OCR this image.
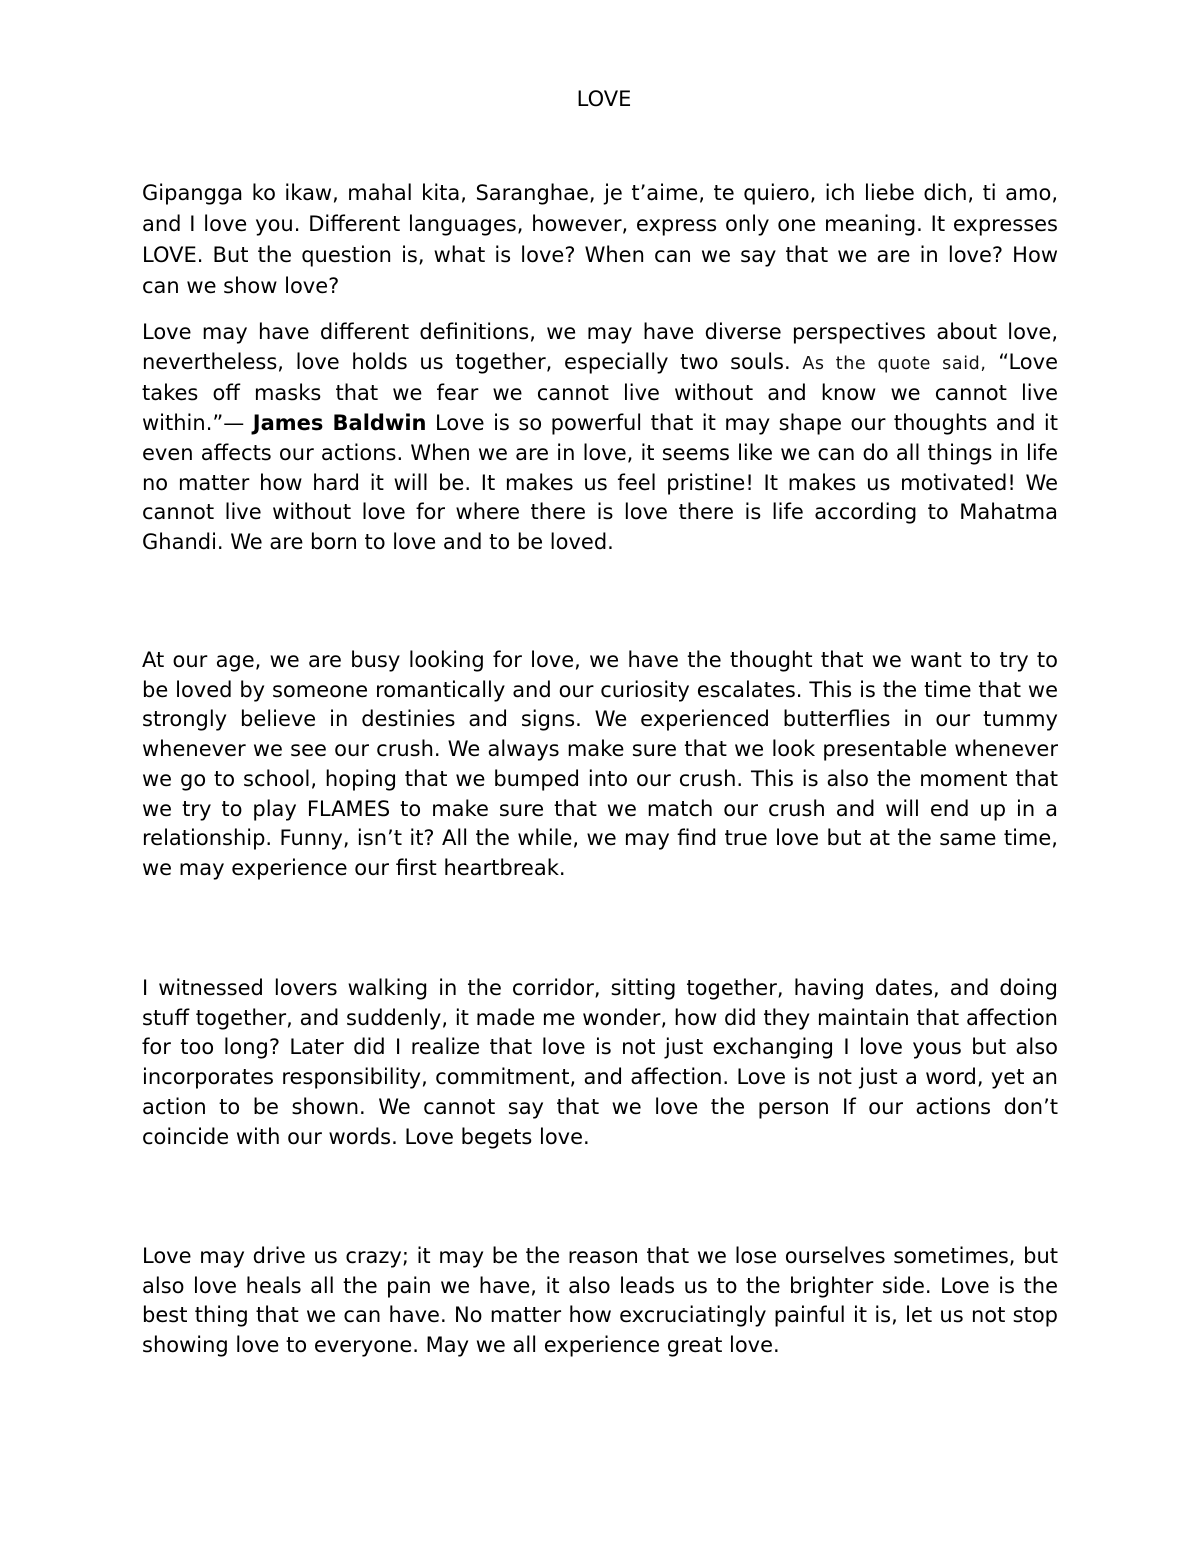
LOVE

Gipangga ko ikaw, mahal kita, Saranghae, je t’aime, te quiero, ich liebe dich, ti amo, and I love you. Different languages, however, express only one meaning. It expresses LOVE. But the question is, what is love? When can we say that we are in love? How can we show love?

Love may have different definitions, we may have diverse perspectives about love, nevertheless, love holds us together, especially two souls. As the quote said, “Love takes off masks that we fear we cannot live without and know we cannot live within.”— James Baldwin Love is so powerful that it may shape our thoughts and it even affects our actions. When we are in love, it seems like we can do all things in life no matter how hard it will be. It makes us feel pristine! It makes us motivated! We cannot live without love for where there is love there is life according to Mahatma Ghandi. We are born to love and to be loved.

At our age, we are busy looking for love, we have the thought that we want to try to be loved by someone romantically and our curiosity escalates. This is the time that we strongly believe in destinies and signs. We experienced butterflies in our tummy whenever we see our crush. We always make sure that we look presentable whenever we go to school, hoping that we bumped into our crush. This is also the moment that we try to play FLAMES to make sure that we match our crush and will end up in a relationship. Funny, isn’t it? All the while, we may find true love but at the same time, we may experience our first heartbreak.

I witnessed lovers walking in the corridor, sitting together, having dates, and doing stuff together, and suddenly, it made me wonder, how did they maintain that affection for too long? Later did I realize that love is not just exchanging I love yous but also incorporates responsibility, commitment, and affection. Love is not just a word, yet an action to be shown. We cannot say that we love the person If our actions don’t coincide with our words. Love begets love.

Love may drive us crazy; it may be the reason that we lose ourselves sometimes, but also love heals all the pain we have, it also leads us to the brighter side. Love is the best thing that we can have. No matter how excruciatingly painful it is, let us not stop showing love to everyone. May we all experience great love.
